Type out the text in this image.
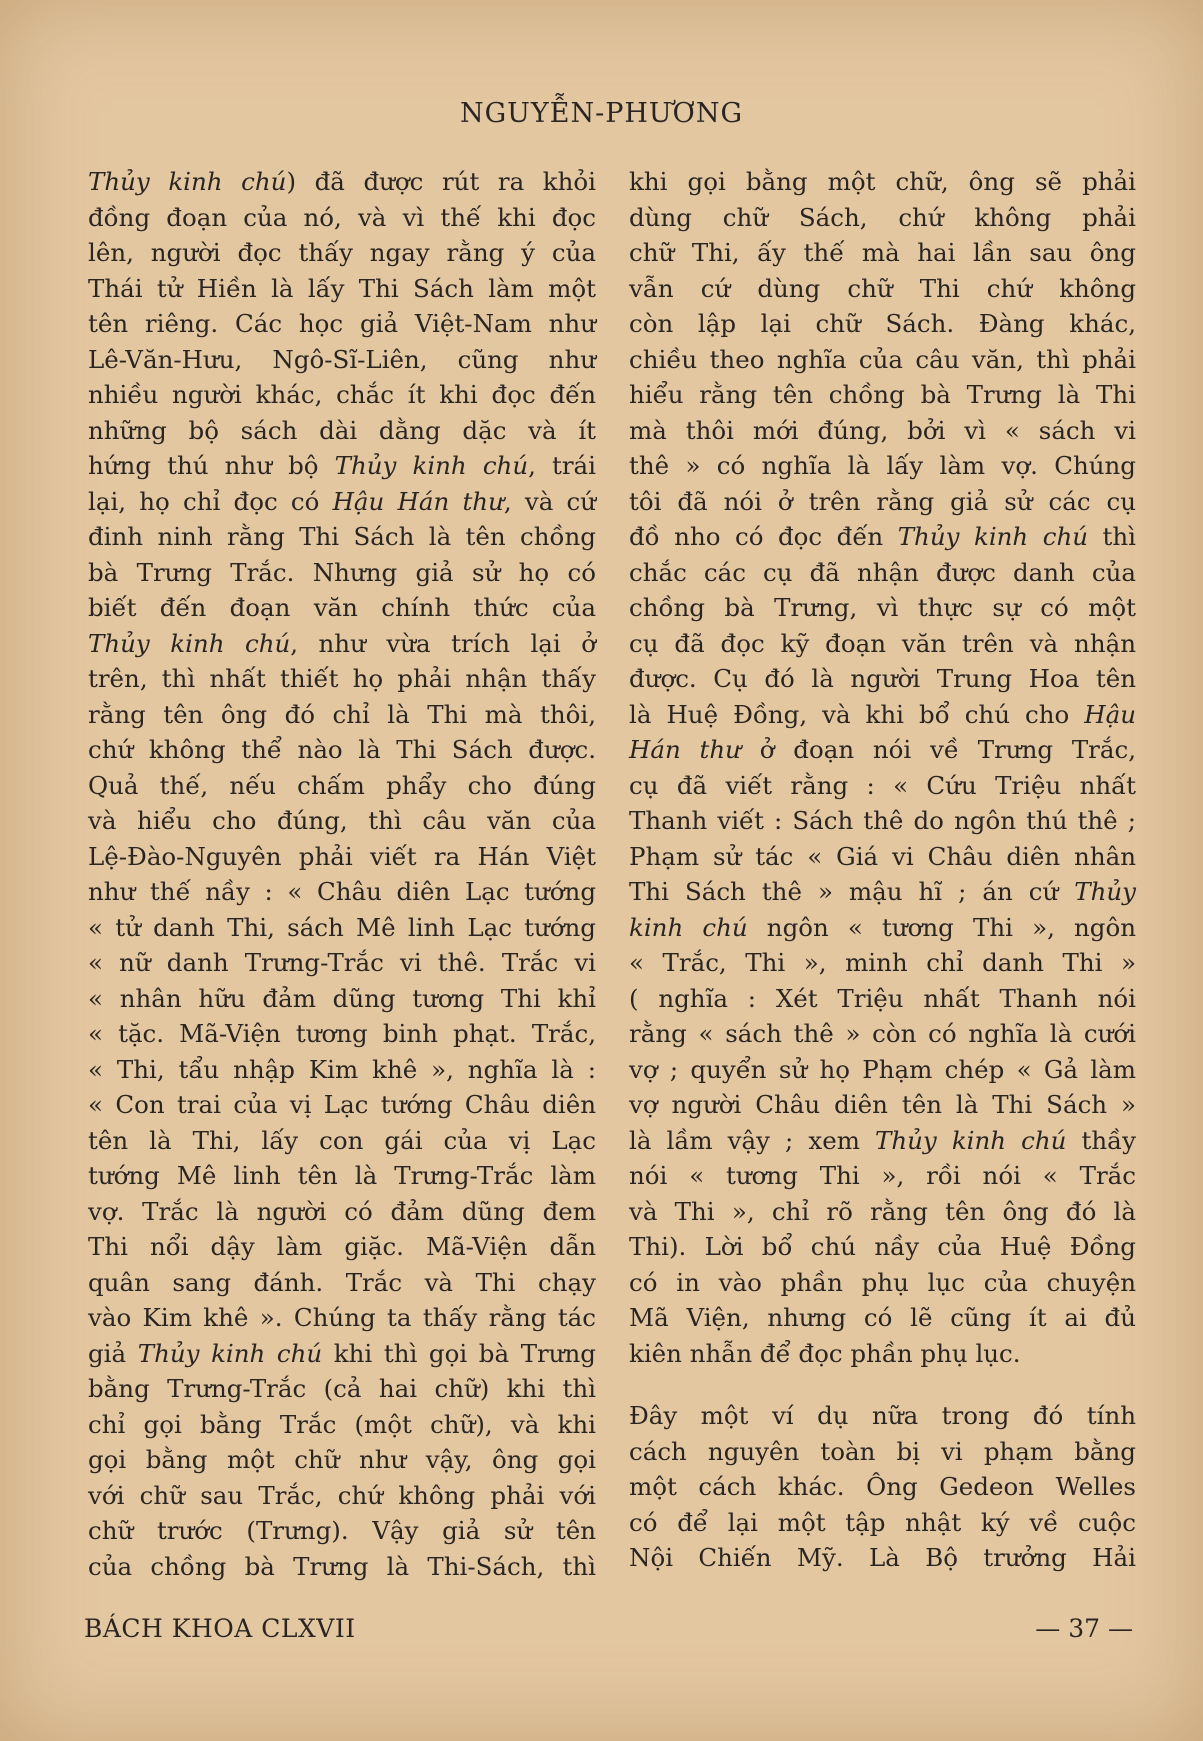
NGUYỄN-PHƯƠNG
Thủy kinh chú) đã được rút ra khỏi
đồng đoạn của nó, và vì thế khi đọc
lên, người đọc thấy ngay rằng ý của
Thái tử Hiền là lấy Thi Sách làm một
tên riêng. Các học giả Việt-Nam như
Lê-Văn-Hưu, Ngô-Sĩ-Liên, cũng như
nhiều người khác, chắc ít khi đọc đến
những bộ sách dài dằng dặc và ít
hứng thú như bộ Thủy kinh chú, trái
lại, họ chỉ đọc có Hậu Hán thư, và cứ
đinh ninh rằng Thi Sách là tên chồng
bà Trưng Trắc. Nhưng giả sử họ có
biết đến đoạn văn chính thức của
Thủy kinh chú, như vừa trích lại ở
trên, thì nhất thiết họ phải nhận thấy
rằng tên ông đó chỉ là Thi mà thôi,
chứ không thể nào là Thi Sách được.
Quả thế, nếu chấm phẩy cho đúng
và hiểu cho đúng, thì câu văn của
Lệ-Đào-Nguyên phải viết ra Hán Việt
như thế nầy : « Châu diên Lạc tướng
« tử danh Thi, sách Mê linh Lạc tướng
« nữ danh Trưng-Trắc vi thê. Trắc vi
« nhân hữu đảm dũng tương Thi khỉ
« tặc. Mã-Viện tương binh phạt. Trắc,
« Thi, tẩu nhập Kim khê », nghĩa là :
« Con trai của vị Lạc tướng Châu diên
tên là Thi, lấy con gái của vị Lạc
tướng Mê linh tên là Trưng-Trắc làm
vợ. Trắc là người có đảm dũng đem
Thi nổi dậy làm giặc. Mã-Viện dẫn
quân sang đánh. Trắc và Thi chạy
vào Kim khê ». Chúng ta thấy rằng tác
giả Thủy kinh chú khi thì gọi bà Trưng
bằng Trưng-Trắc (cả hai chữ) khi thì
chỉ gọi bằng Trắc (một chữ), và khi
gọi bằng một chữ như vậy, ông gọi
với chữ sau Trắc, chứ không phải với
chữ trước (Trưng). Vậy giả sử tên
của chồng bà Trưng là Thi-Sách, thì

khi gọi bằng một chữ, ông sẽ phải
dùng chữ Sách, chứ không phải
chữ Thi, ấy thế mà hai lần sau ông
vẫn cứ dùng chữ Thi chứ không
còn lập lại chữ Sách. Đàng khác,
chiều theo nghĩa của câu văn, thì phải
hiểu rằng tên chồng bà Trưng là Thi
mà thôi mới đúng, bởi vì « sách vi
thê » có nghĩa là lấy làm vợ. Chúng
tôi đã nói ở trên rằng giả sử các cụ
đồ nho có đọc đến Thủy kinh chú thì
chắc các cụ đã nhận được danh của
chồng bà Trưng, vì thực sự có một
cụ đã đọc kỹ đoạn văn trên và nhận
được. Cụ đó là người Trung Hoa tên
là Huệ Đồng, và khi bổ chú cho Hậu
Hán thư ở đoạn nói về Trưng Trắc,
cụ đã viết rằng : « Cứu Triệu nhất
Thanh viết : Sách thê do ngôn thú thê ;
Phạm sử tác « Giá vi Châu diên nhân
Thi Sách thê » mậu hĩ ; án cứ Thủy
kinh chú ngôn « tương Thi », ngôn
« Trắc, Thi », minh chỉ danh Thi »
( nghĩa : Xét Triệu nhất Thanh nói
rằng « sách thê » còn có nghĩa là cưới
vợ ; quyển sử họ Phạm chép « Gả làm
vợ người Châu diên tên là Thi Sách »
là lầm vậy ; xem Thủy kinh chú thầy
nói « tương Thi », rồi nói « Trắc
và Thi », chỉ rõ rằng tên ông đó là
Thi). Lời bổ chú nầy của Huệ Đồng
có in vào phần phụ lục của chuyện
Mã Viện, nhưng có lẽ cũng ít ai đủ
kiên nhẫn để đọc phần phụ lục.

Đây một ví dụ nữa trong đó tính
cách nguyên toàn bị vi phạm bằng
một cách khác. Ông Gedeon Welles
có để lại một tập nhật ký về cuộc
Nội Chiến Mỹ. Là Bộ trưởng Hải

BÁCH KHOA CLXVII	— 37 —
